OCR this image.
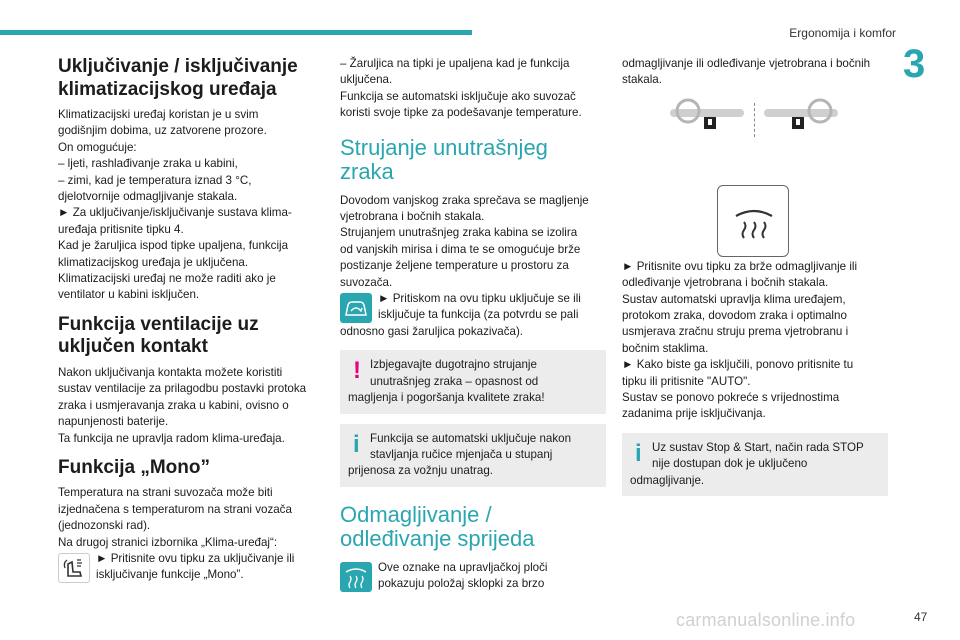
Ergonomija i komfor
3
Uključivanje / isključivanje klimatizacijskog uređaja
Klimatizacijski uređaj koristan je u svim
godišnjim dobima, uz zatvorene prozore.
On omogućuje:
– ljeti, rashlađivanje zraka u kabini,
– zimi, kad je temperatura iznad 3 °C,
djelotvornije odmagljivanje stakala.
► Za uključivanje/isključivanje sustava klima-
uređaja pritisnite tipku 4.
Kad je žaruljica ispod tipke upaljena, funkcija
klimatizacijskog uređaja je uključena.
Klimatizacijski uređaj ne može raditi ako je
ventilator u kabini isključen.
Funkcija ventilacije uz uključen kontakt
Nakon uključivanja kontakta možete koristiti
sustav ventilacije za prilagodbu postavki protoka
zraka i usmjeravanja zraka u kabini, ovisno o
napunjenosti baterije.
Ta funkcija ne upravlja radom klima-uređaja.
Funkcija „Mono”
Temperatura na strani suvozača može biti
izjednačena s temperaturom na strani vozača
(jednozonski rad).
Na drugoj stranici izbornika „Klima-uređaj“:
► Pritisnite ovu tipku za uključivanje ili
isključivanje funkcije „Mono”.
– Žaruljica na tipki je upaljena kad je funkcija
uključena.
Funkcija se automatski isključuje ako suvozač
koristi svoje tipke za podešavanje temperature.
Strujanje unutrašnjeg zraka
Dovodom vanjskog zraka sprečava se magljenje
vjetrobrana i bočnih stakala.
Strujanjem unutrašnjeg zraka kabina se izolira
od vanjskih mirisa i dima te se omogućuje brže
postizanje željene temperature u prostoru za
suvozača.
► Pritiskom na ovu tipku uključuje se ili
isključuje ta funkcija (za potvrdu se pali
odnosno gasi žaruljica pokazivača).
! Izbjegavajte dugotrajno strujanje
unutrašnjeg zraka – opasnost od
magljenja i pogoršanja kvalitete zraka!
i Funkcija se automatski uključuje nakon
stavljanja ručice mjenjača u stupanj
prijenosa za vožnju unatrag.
Odmagljivanje / odleđivanje sprijeda
Ove oznake na upravljačkoj ploči
pokazuju položaj sklopki za brzo
odmagljivanje ili odleđivanje vjetrobrana i bočnih
stakala.
► Pritisnite ovu tipku za brže odmagljivanje ili
odleđivanje vjetrobrana i bočnih stakala.
Sustav automatski upravlja klima uređajem,
protokom zraka, dovodom zraka i optimalno
usmjerava zračnu struju prema vjetrobranu i
bočnim staklima.
► Kako biste ga isključili, ponovo pritisnite tu
tipku ili pritisnite "AUTO".
Sustav se ponovo pokreće s vrijednostima
zadanima prije isključivanja.
i Uz sustav Stop & Start, način rada STOP
nije dostupan dok je uključeno
odmagljivanje.
carmanualsonline.info	47
